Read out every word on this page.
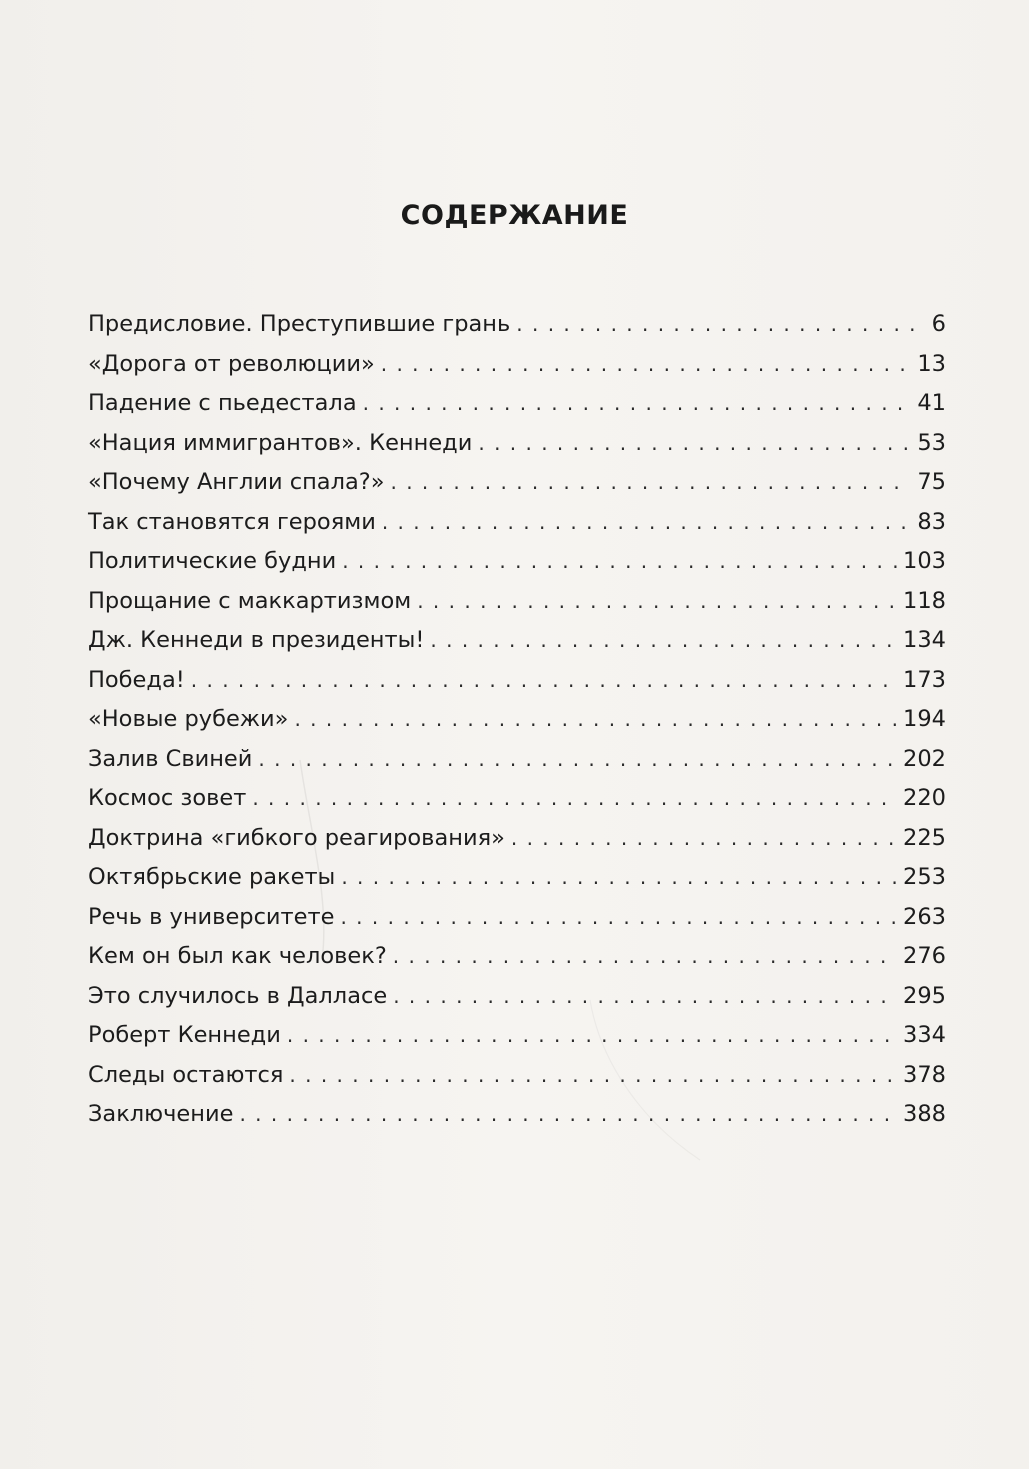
СОДЕРЖАНИЕ
Предисловие. Преступившие грань . . .	6
«Дорога от революции» . . .	13
Падение с пьедестала . . .	41
«Нация иммигрантов». Кеннеди . . .	53
«Почему Англии спала?» . . .	75
Так становятся героями . . .	83
Политические будни . . .	103
Прощание с маккартизмом . . .	118
Дж. Кеннеди в президенты! . . .	134
Победа! . . .	173
«Новые рубежи» . . .	194
Залив Свиней . . .	202
Космос зовет . . .	220
Доктрина «гибкого реагирования» . . .	225
Октябрьские ракеты . . .	253
Речь в университете . . .	263
Кем он был как человек? . . .	276
Это случилось в Далласе . . .	295
Роберт Кеннеди . . .	334
Следы остаются . . .	378
Заключение . . .	388
